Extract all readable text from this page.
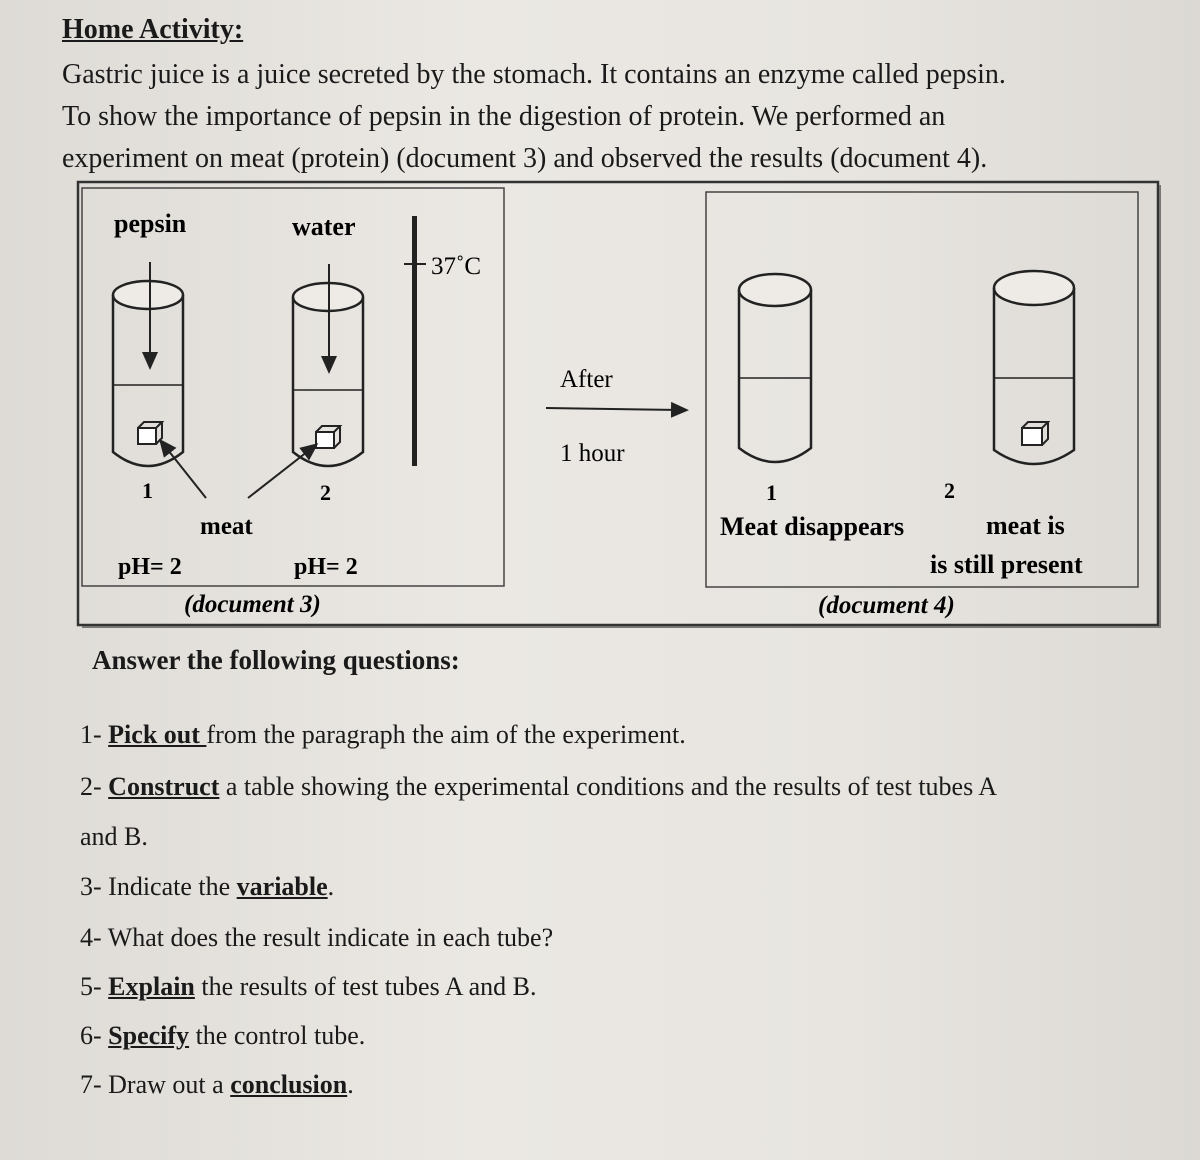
Home Activity:

Gastric juice is a juice secreted by the stomach. It contains an enzyme called pepsin.

To show the importance of pepsin in the digestion of protein. We performed an

experiment on meat (protein) (document 3) and observed the results (document 4).

pepsin	water
37˚C
1	2
meat
pH= 2	pH= 2
(document 3)
After
1 hour
1	2
Meat disappears	meat is
is still present
(document 4)
Answer the following questions:
1- Pick out from the paragraph the aim of the experiment.
2- Construct a table showing the experimental conditions and the results of test tubes A
and B.
3- Indicate the variable.
4- What does the result indicate in each tube?
5- Explain the results of test tubes A and B.
6- Specify the control tube.
7- Draw out a conclusion.
